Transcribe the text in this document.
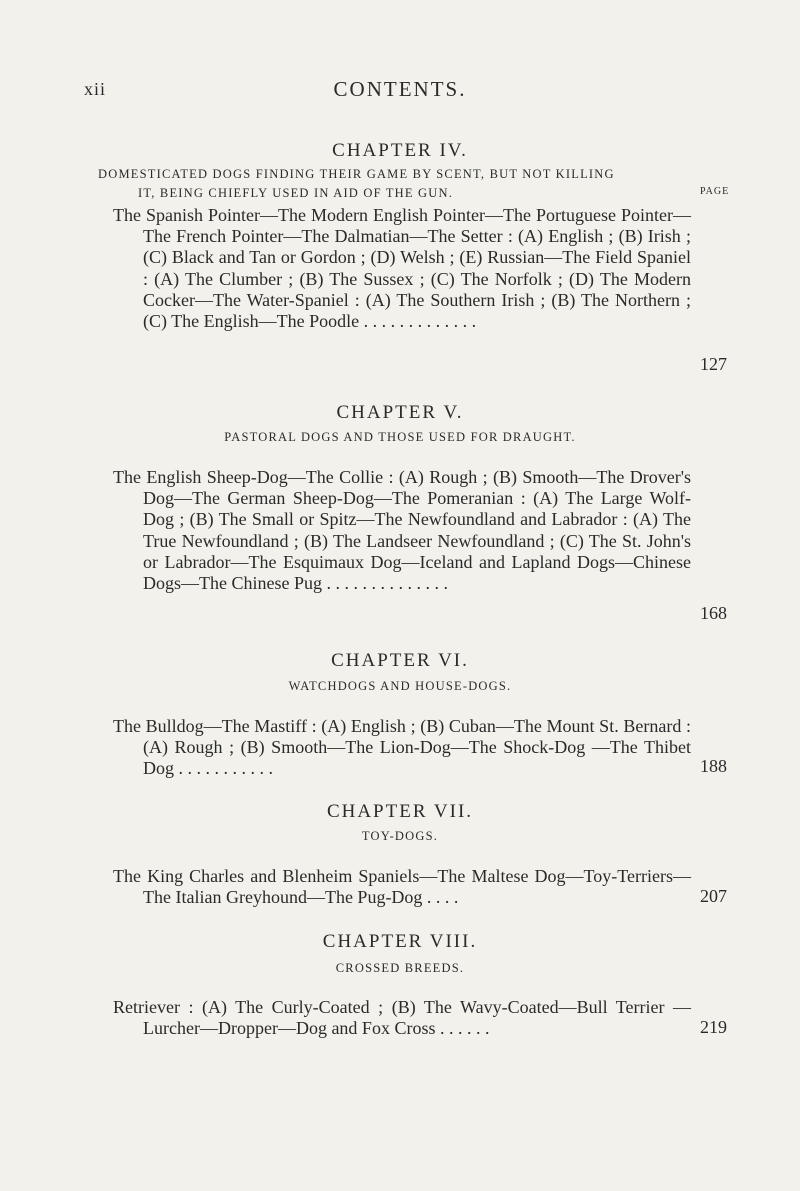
xii	CONTENTS.
CHAPTER IV.
DOMESTICATED DOGS FINDING THEIR GAME BY SCENT, BUT NOT KILLING
IT, BEING CHIEFLY USED IN AID OF THE GUN.	PAGE
The Spanish Pointer—The Modern English Pointer—The Portuguese Pointer—The French Pointer—The Dalmatian—The Setter : (A) English ; (B) Irish ; (C) Black and Tan or Gordon ; (D) Welsh ; (E) Russian—The Field Spaniel : (A) The Clumber ; (B) The Sussex ; (C) The Norfolk ; (D) The Modern Cocker—The Water-Spaniel : (A) The Southern Irish ; (B) The Northern ; (C) The English—The Poodle . . . . . . . . . . . . .
127
CHAPTER V.
PASTORAL DOGS AND THOSE USED FOR DRAUGHT.
The English Sheep-Dog—The Collie : (A) Rough ; (B) Smooth—The Drover's Dog—The German Sheep-Dog—The Pomeranian : (A) The Large Wolf-Dog ; (B) The Small or Spitz—The Newfoundland and Labrador : (A) The True Newfoundland ; (B) The Landseer Newfoundland ; (C) The St. John's or Labrador—The Esquimaux Dog—Iceland and Lapland Dogs—Chinese Dogs—The Chinese Pug . . . . . . . . . . . . . .
168
CHAPTER VI.
WATCHDOGS AND HOUSE-DOGS.
The Bulldog—The Mastiff : (A) English ; (B) Cuban—The Mount St. Bernard : (A) Rough ; (B) Smooth—The Lion-Dog—The Shock-Dog —The Thibet Dog . . . . . . . . . . .	188
CHAPTER VII.
TOY-DOGS.
The King Charles and Blenheim Spaniels—The Maltese Dog—Toy-Terriers—The Italian Greyhound—The Pug-Dog . . . .	207
CHAPTER VIII.
CROSSED BREEDS.
Retriever : (A) The Curly-Coated ; (B) The Wavy-Coated—Bull Terrier —Lurcher—Dropper—Dog and Fox Cross . . . . . .	219
